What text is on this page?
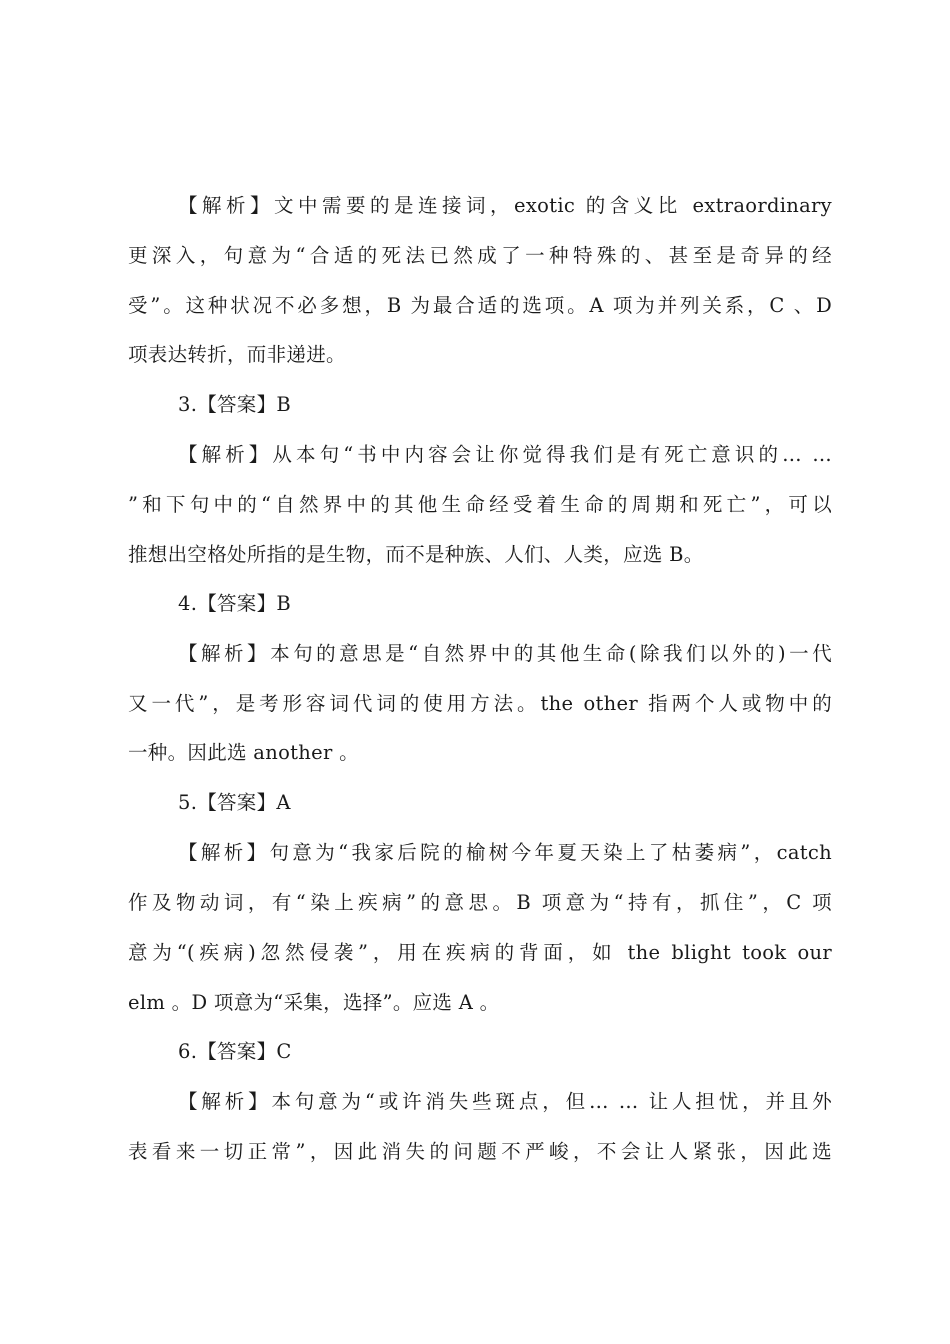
【解析】文中需要的是连接词，exotic 的含义比 extraordinary
更深入，句意为“合适的死法已然成了一种特殊的、甚至是奇异的经
受”。这种状况不必多想，B 为最合适的选项。A 项为并列关系，C 、D
项表达转折，而非递进。
3.【答案】B
【解析】从本句“书中内容会让你觉得我们是有死亡意识的… …
”和下句中的“自然界中的其他生命经受着生命的周期和死亡”，可以
推想出空格处所指的是生物，而不是种族、人们、人类，应选 B。
4.【答案】B
【解析】本句的意思是“自然界中的其他生命(除我们以外的)一代
又一代”，是考形容词代词的使用方法。the other 指两个人或物中的
一种。因此选 another 。
5.【答案】A
【解析】句意为“我家后院的榆树今年夏天染上了枯萎病”，catch
作及物动词，有“染上疾病”的意思。B 项意为“持有，抓住”，C 项
意为“(疾病)忽然侵袭”，用在疾病的背面，如 the blight took our
elm 。D 项意为“采集，选择”。应选 A 。
6.【答案】C
【解析】本句意为“或许消失些斑点，但… … 让人担忧，并且外
表看来一切正常”，因此消失的问题不严峻，不会让人紧张，因此选
